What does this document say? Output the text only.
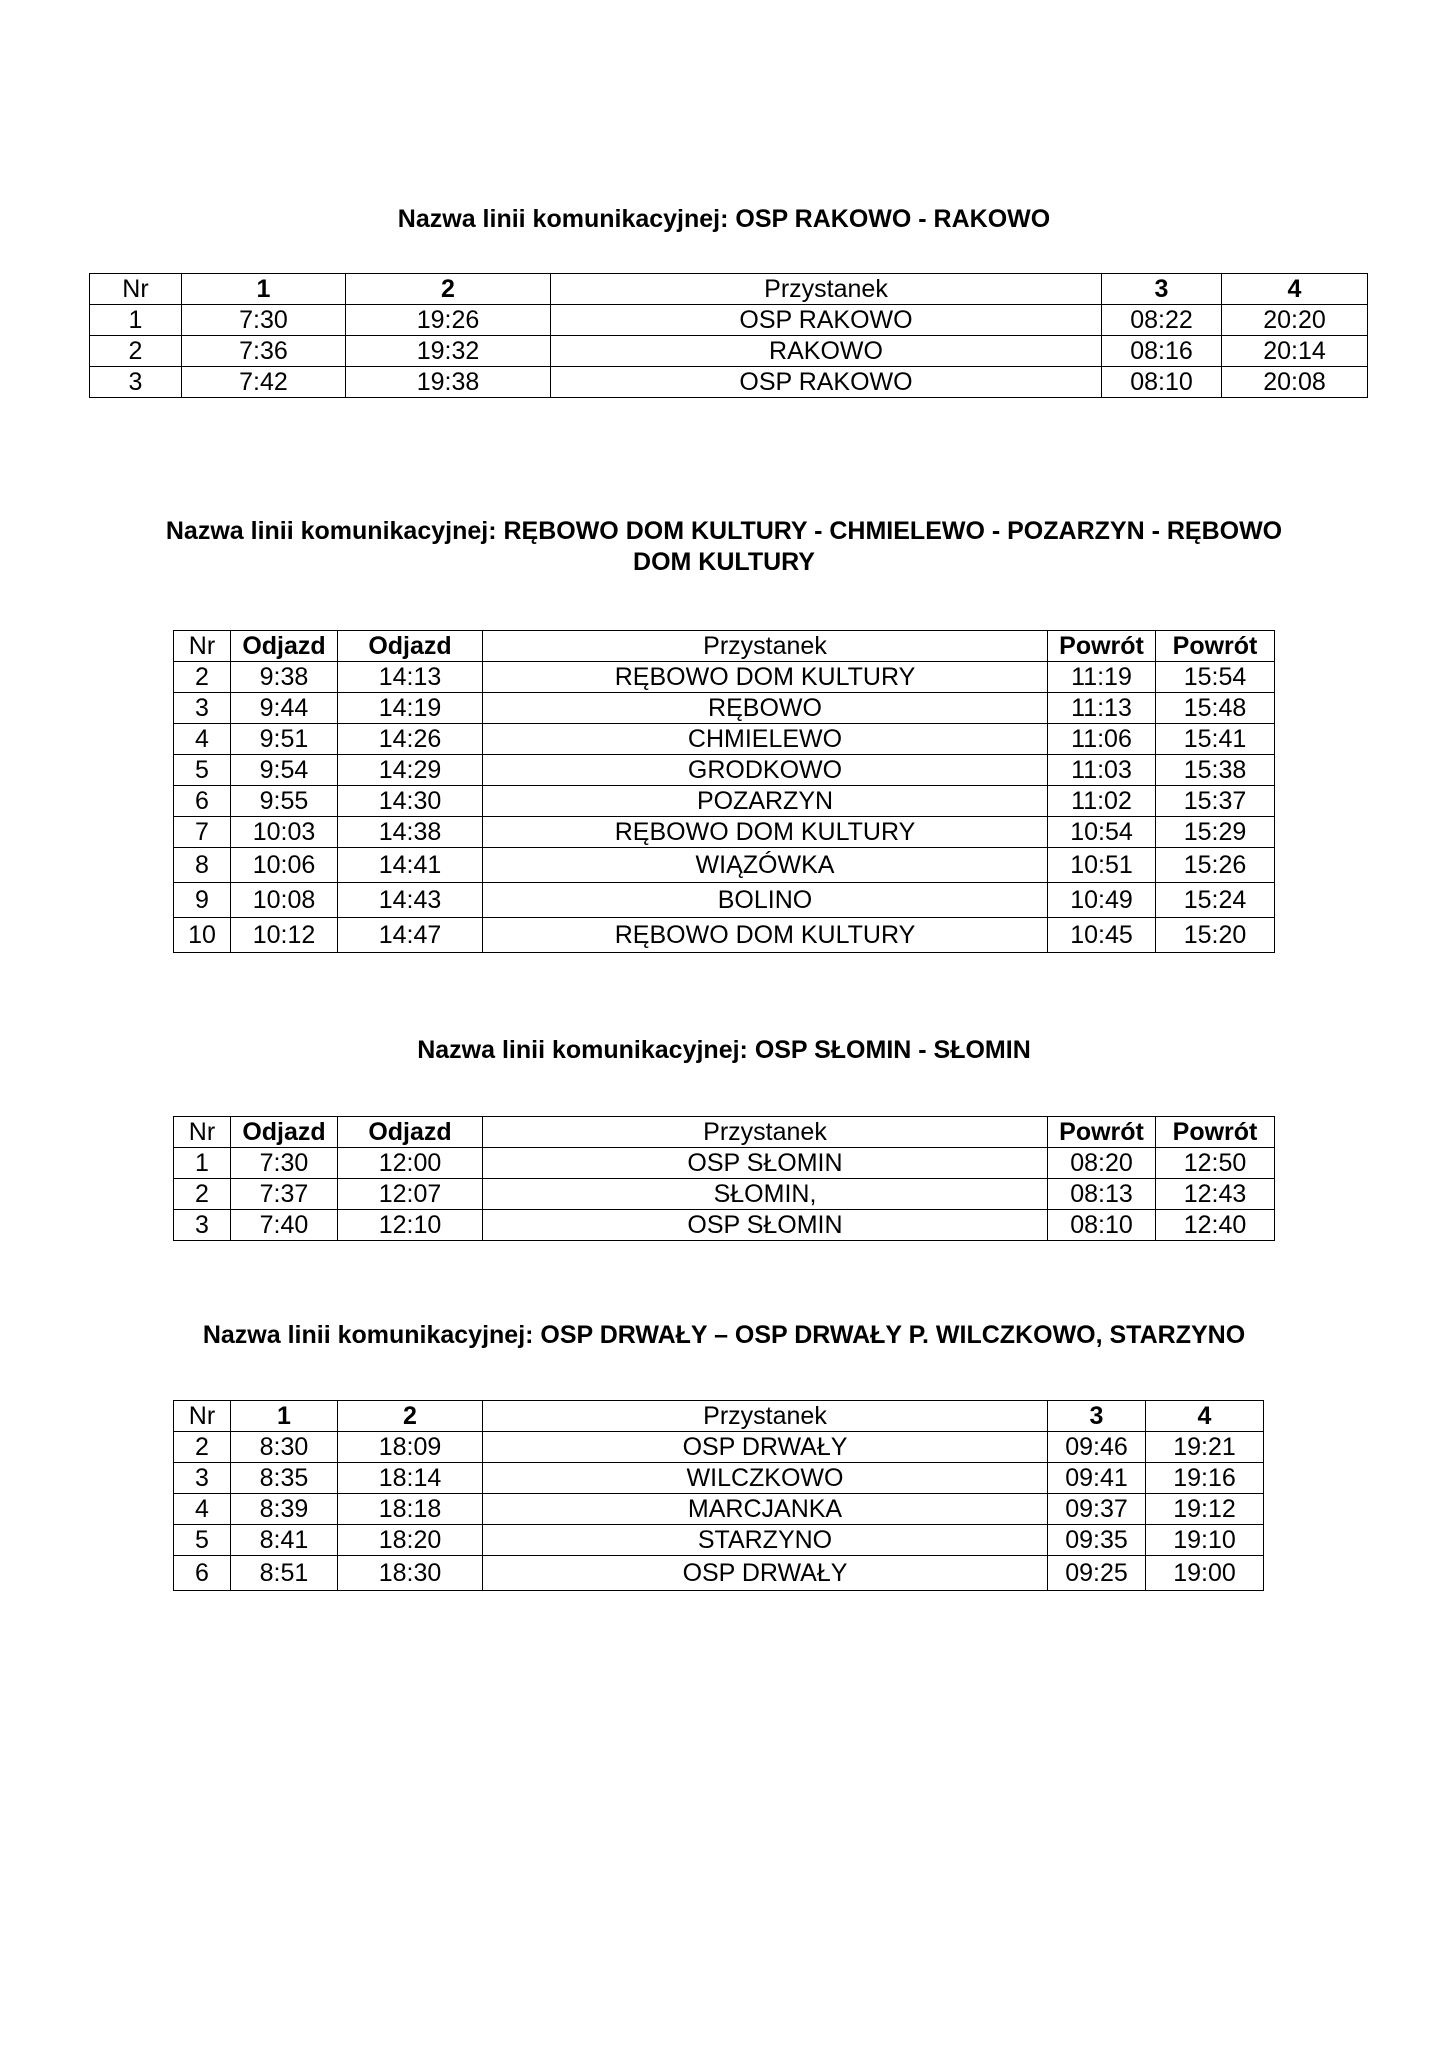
Nazwa linii komunikacyjnej: OSP RAKOWO - RAKOWO
Nr	1	2	Przystanek	3	4
1	7:30	19:26	OSP RAKOWO	08:22	20:20
2	7:36	19:32	RAKOWO	08:16	20:14
3	7:42	19:38	OSP RAKOWO	08:10	20:08
Nazwa linii komunikacyjnej: RĘBOWO DOM KULTURY - CHMIELEWO - POZARZYN - RĘBOWO
DOM KULTURY
Nr	Odjazd	Odjazd	Przystanek	Powrót	Powrót
2	9:38	14:13	RĘBOWO DOM KULTURY	11:19	15:54
3	9:44	14:19	RĘBOWO	11:13	15:48
4	9:51	14:26	CHMIELEWO	11:06	15:41
5	9:54	14:29	GRODKOWO	11:03	15:38
6	9:55	14:30	POZARZYN	11:02	15:37
7	10:03	14:38	RĘBOWO DOM KULTURY	10:54	15:29
8	10:06	14:41	WIĄZÓWKA	10:51	15:26
9	10:08	14:43	BOLINO	10:49	15:24
10	10:12	14:47	RĘBOWO DOM KULTURY	10:45	15:20
Nazwa linii komunikacyjnej: OSP SŁOMIN - SŁOMIN
Nr	Odjazd	Odjazd	Przystanek	Powrót	Powrót
1	7:30	12:00	OSP SŁOMIN	08:20	12:50
2	7:37	12:07	SŁOMIN,	08:13	12:43
3	7:40	12:10	OSP SŁOMIN	08:10	12:40
Nazwa linii komunikacyjnej: OSP DRWAŁY – OSP DRWAŁY P. WILCZKOWO, STARZYNO
Nr	1	2	Przystanek	3	4
2	8:30	18:09	OSP DRWAŁY	09:46	19:21
3	8:35	18:14	WILCZKOWO	09:41	19:16
4	8:39	18:18	MARCJANKA	09:37	19:12
5	8:41	18:20	STARZYNO	09:35	19:10
6	8:51	18:30	OSP DRWAŁY	09:25	19:00
